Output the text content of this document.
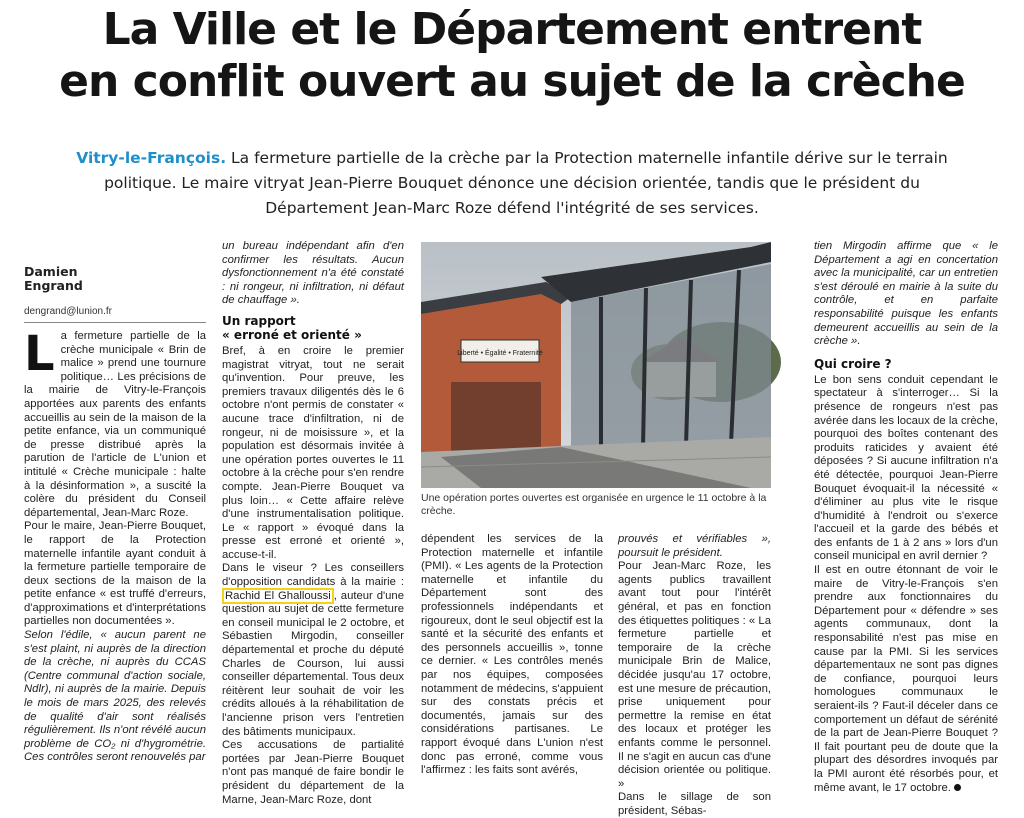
La Ville et le Département entrent
en conflit ouvert au sujet de la crèche
Vitry-le-François. La fermeture partielle de la crèche par la Protection maternelle infantile dérive sur le terrain politique. Le maire vitryat Jean-Pierre Bouquet dénonce une décision orientée, tandis que le président du Département Jean-Marc Roze défend l'intégrité de ses services.
Damien
Engrand
dengrand@lunion.fr

La fermeture partielle de la crèche municipale « Brin de malice » prend une tournure politique… Les précisions de la mairie de Vitry-le-François apportées aux parents des enfants accueillis au sein de la maison de la petite enfance, via un communiqué de presse distribué après la parution de l'article de L'union et intitulé « Crèche municipale : halte à la désinformation », a suscité la colère du président du Conseil départemental, Jean-Marc Roze.

Pour le maire, Jean-Pierre Bouquet, le rapport de la Protection maternelle infantile ayant conduit à la fermeture partielle temporaire de deux sections de la maison de la petite enfance « est truffé d'erreurs, d'approximations et d'interprétations partielles non documentées ».

Selon l'édile, « aucun parent ne s'est plaint, ni auprès de la direction de la crèche, ni auprès du CCAS (Centre communal d'action sociale, Ndlr), ni auprès de la mairie. Depuis le mois de mars 2025, des relevés de qualité d'air sont réalisés régulièrement. Ils n'ont révélé aucun problème de CO₂ ni d'hygrométrie. Ces contrôles seront renouvelés par

un bureau indépendant afin d'en confirmer les résultats. Aucun dysfonctionnement n'a été constaté : ni rongeur, ni infiltration, ni défaut de chauffage ».

Un rapport
« erroné et orienté »

Bref, à en croire le premier magistrat vitryat, tout ne serait qu'invention. Pour preuve, les premiers travaux diligentés dès le 6 octobre n'ont permis de constater « aucune trace d'infiltration, ni de rongeur, ni de moisissure », et la population est désormais invitée à une opération portes ouvertes le 11 octobre à la crèche pour s'en rendre compte. Jean-Pierre Bouquet va plus loin… « Cette affaire relève d'une instrumentalisation politique. Le « rapport » évoqué dans la presse est erroné et orienté », accuse-t-il.

Dans le viseur ? Les conseillers d'opposition candidats à la mairie : Rachid El Ghalloussi , auteur d'une question au sujet de cette fermeture en conseil municipal le 2 octobre, et Sébastien Mirgodin, conseiller départemental et proche du député Charles de Courson, lui aussi conseiller départemental. Tous deux réitèrent leur souhait de voir les crédits alloués à la réhabilitation de l'ancienne prison vers l'entretien des bâtiments municipaux.

Ces accusations de partialité portées par Jean-Pierre Bouquet n'ont pas manqué de faire bondir le président du département de la Marne, Jean-Marc Roze, dont

Liberté • Égalité • Fraternité
Une opération portes ouvertes est organisée en urgence le 11 octobre à la crèche.

dépendent les services de la Protection maternelle et infantile (PMI). « Les agents de la Protection maternelle et infantile du Département sont des professionnels indépendants et rigoureux, dont le seul objectif est la santé et la sécurité des enfants et des personnels accueillis », tonne ce dernier. « Les contrôles menés par nos équipes, composées notamment de médecins, s'appuient sur des constats précis et documentés, jamais sur des considérations partisanes. Le rapport évoqué dans L'union n'est donc pas erroné, comme vous l'affirmez : les faits sont avérés,

prouvés et vérifiables », poursuit le président.

Pour Jean-Marc Roze, les agents publics travaillent avant tout pour l'intérêt général, et pas en fonction des étiquettes politiques : « La fermeture partielle et temporaire de la crèche municipale Brin de Malice, décidée jusqu'au 17 octobre, est une mesure de précaution, prise uniquement pour permettre la remise en état des locaux et protéger les enfants comme le personnel. Il ne s'agit en aucun cas d'une décision orientée ou politique. »

Dans le sillage de son président, Sébas-

tien Mirgodin affirme que « le Département a agi en concertation avec la municipalité, car un entretien s'est déroulé en mairie à la suite du contrôle, et en parfaite responsabilité puisque les enfants demeurent accueillis au sein de la crèche ».

Qui croire ?

Le bon sens conduit cependant le spectateur à s'interroger… Si la présence de rongeurs n'est pas avérée dans les locaux de la crèche, pourquoi des boîtes contenant des produits raticides y avaient été déposées ? Si aucune infiltration n'a été détectée, pourquoi Jean-Pierre Bouquet évoquait-il la nécessité « d'éliminer au plus vite le risque d'humidité à l'endroit ou s'exerce l'accueil et la garde des bébés et des enfants de 1 à 2 ans » lors d'un conseil municipal en avril dernier ?

Il est en outre étonnant de voir le maire de Vitry-le-François s'en prendre aux fonctionnaires du Département pour « défendre » ses agents communaux, dont la responsabilité n'est pas mise en cause par la PMI. Si les services départementaux ne sont pas dignes de confiance, pourquoi leurs homologues communaux le seraient-ils ? Faut-il déceler dans ce comportement un défaut de sérénité de la part de Jean-Pierre Bouquet ? Il fait pourtant peu de doute que la plupart des désordres invoqués par la PMI auront été résorbés pour, et même avant, le 17 octobre.
